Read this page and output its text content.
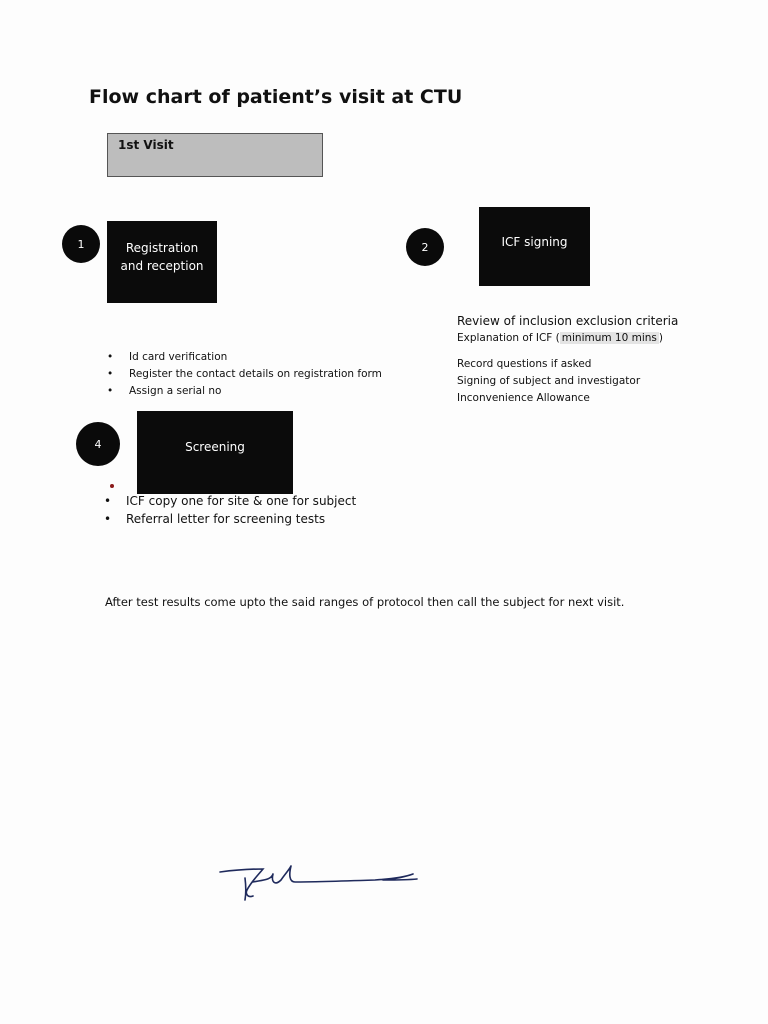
Flow chart of patient’s visit at CTU
1st Visit
1	Registration
and reception
2	ICF signing
Review of inclusion exclusion criteria
Explanation of ICF ( minimum 10 mins )
Record questions if asked
Signing of subject and investigator
Inconvenience Allowance
• Id card verification
• Register the contact details on registration form
• Assign a serial no
4	Screening
• ICF copy one for site & one for subject
• Referral letter for screening tests
After test results come upto the said ranges of protocol then call the subject for next visit.
